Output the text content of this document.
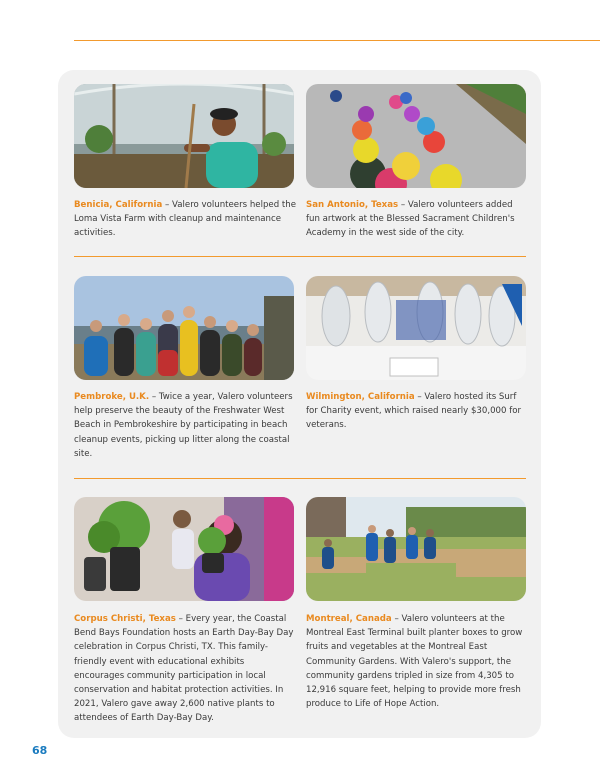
Benicia, California – Valero volunteers helped the Loma Vista Farm with cleanup and maintenance activities.

San Antonio, Texas – Valero volunteers added fun artwork at the Blessed Sacrament Children's Academy in the west side of the city.

Pembroke, U.K. – Twice a year, Valero volunteers help preserve the beauty of the Freshwater West Beach in Pembrokeshire by participating in beach cleanup events, picking up litter along the coastal site.

Wilmington, California – Valero hosted its Surf for Charity event, which raised nearly $30,000 for veterans.

Corpus Christi, Texas – Every year, the Coastal Bend Bays Foundation hosts an Earth Day-Bay Day celebration in Corpus Christi, TX. This family-friendly event with educational exhibits encourages community participation in local conservation and habitat protection activities. In 2021, Valero gave away 2,600 native plants to attendees of Earth Day-Bay Day.

Montreal, Canada – Valero volunteers at the Montreal East Terminal built planter boxes to grow fruits and vegetables at the Montreal East Community Gardens. With Valero's support, the community gardens tripled in size from 4,305 to 12,916 square feet, helping to provide more fresh produce to Life of Hope Action.

68
